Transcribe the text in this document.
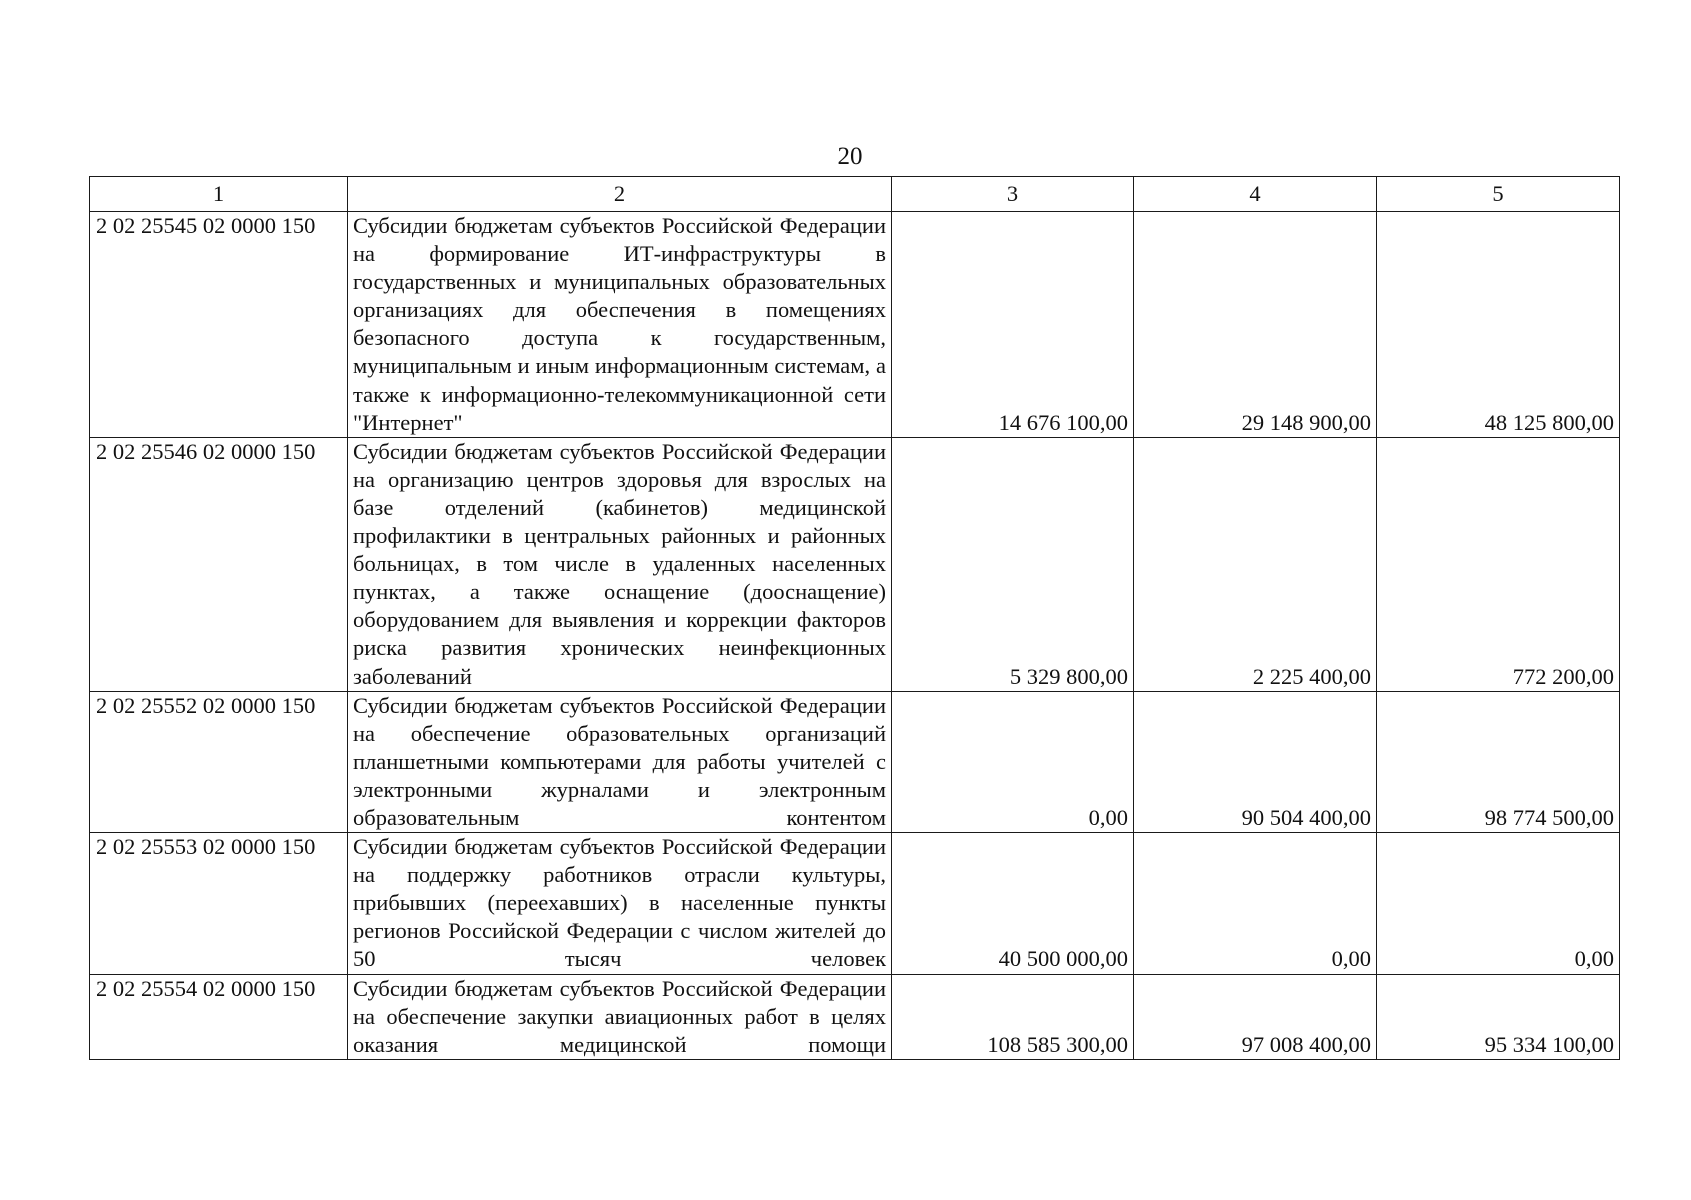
20
1	2	3	4	5
2 02 25545 02 0000 150	Субсидии бюджетам субъектов Российской Федерации на формирование ИТ-инфраструктуры в государственных и муниципальных образовательных организациях для обеспечения в помещениях безопасного доступа к государственным, муниципальным и иным информационным системам, а также к информационно-телекоммуникационной сети "Интернет"	14 676 100,00	29 148 900,00	48 125 800,00
2 02 25546 02 0000 150	Субсидии бюджетам субъектов Российской Федерации на организацию центров здоровья для взрослых на базе отделений (кабинетов) медицинской профилактики в центральных районных и районных больницах, в том числе в удаленных населенных пунктах, а также оснащение (дооснащение) оборудованием для выявления и коррекции факторов риска развития хронических неинфекционных заболеваний	5 329 800,00	2 225 400,00	772 200,00
2 02 25552 02 0000 150	Субсидии бюджетам субъектов Российской Федерации на обеспечение образовательных организаций планшетными компьютерами для работы учителей с электронными журналами и электронным образовательным контентом	0,00	90 504 400,00	98 774 500,00
2 02 25553 02 0000 150	Субсидии бюджетам субъектов Российской Федерации на поддержку работников отрасли культуры, прибывших (переехавших) в населенные пункты регионов Российской Федерации с числом жителей до 50 тысяч человек	40 500 000,00	0,00	0,00
2 02 25554 02 0000 150	Субсидии бюджетам субъектов Российской Федерации на обеспечение закупки авиационных работ в целях оказания медицинской помощи	108 585 300,00	97 008 400,00	95 334 100,00
